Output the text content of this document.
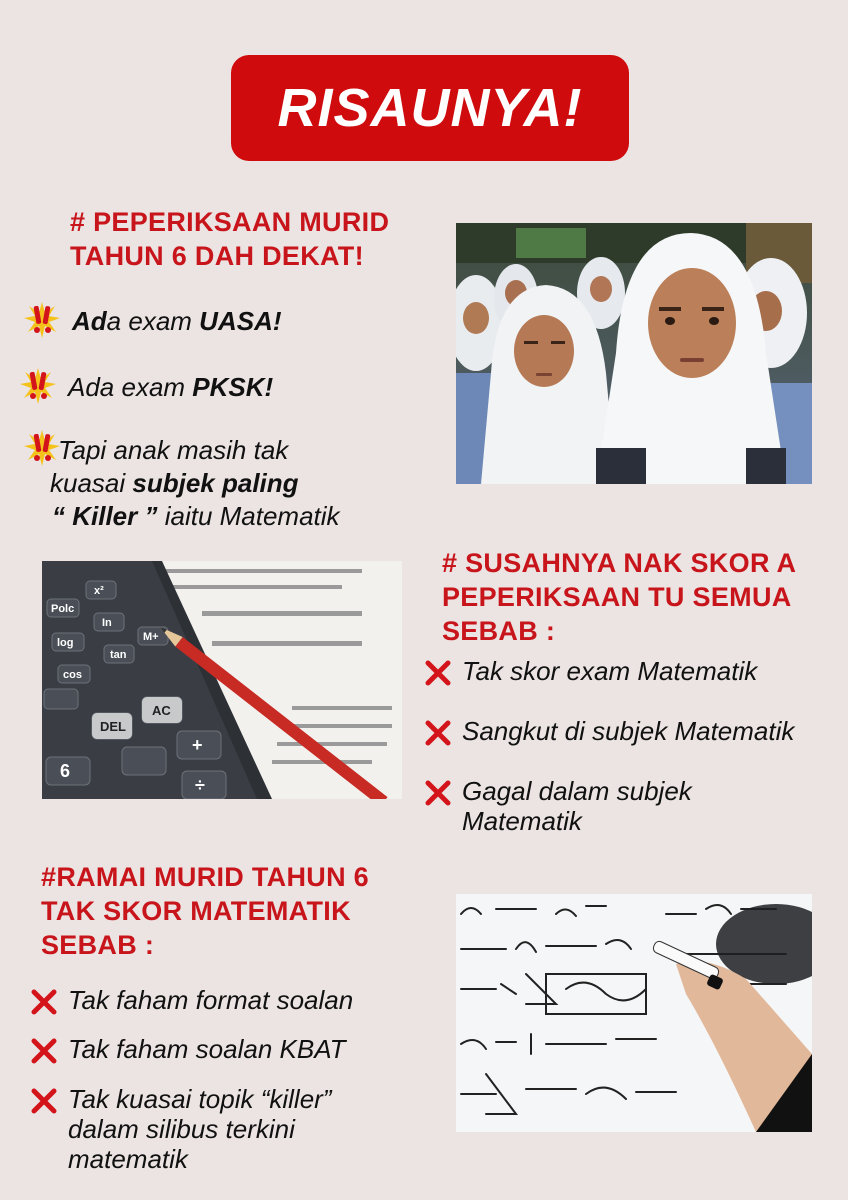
RISAUNYA!
# PEPERIKSAAN MURID
TAHUN 6 DAH DEKAT!
Ada exam UASA!
Ada exam PKSK!
Tapi anak masih tak
kuasai subjek paling
“ Killer ” iaitu Matematik
Polc
x²
log
In
cos
tan
M+
DEL
AC
+
6
÷
# SUSAHNYA NAK SKOR A
PEPERIKSAAN TU SEMUA
SEBAB :
Tak skor exam Matematik
Sangkut di subjek Matematik
Gagal dalam subjek
Matematik
#RAMAI MURID TAHUN 6
TAK SKOR MATEMATIK
SEBAB :
Tak faham format soalan
Tak faham soalan KBAT
Tak kuasai topik “killer”
dalam silibus terkini
matematik
